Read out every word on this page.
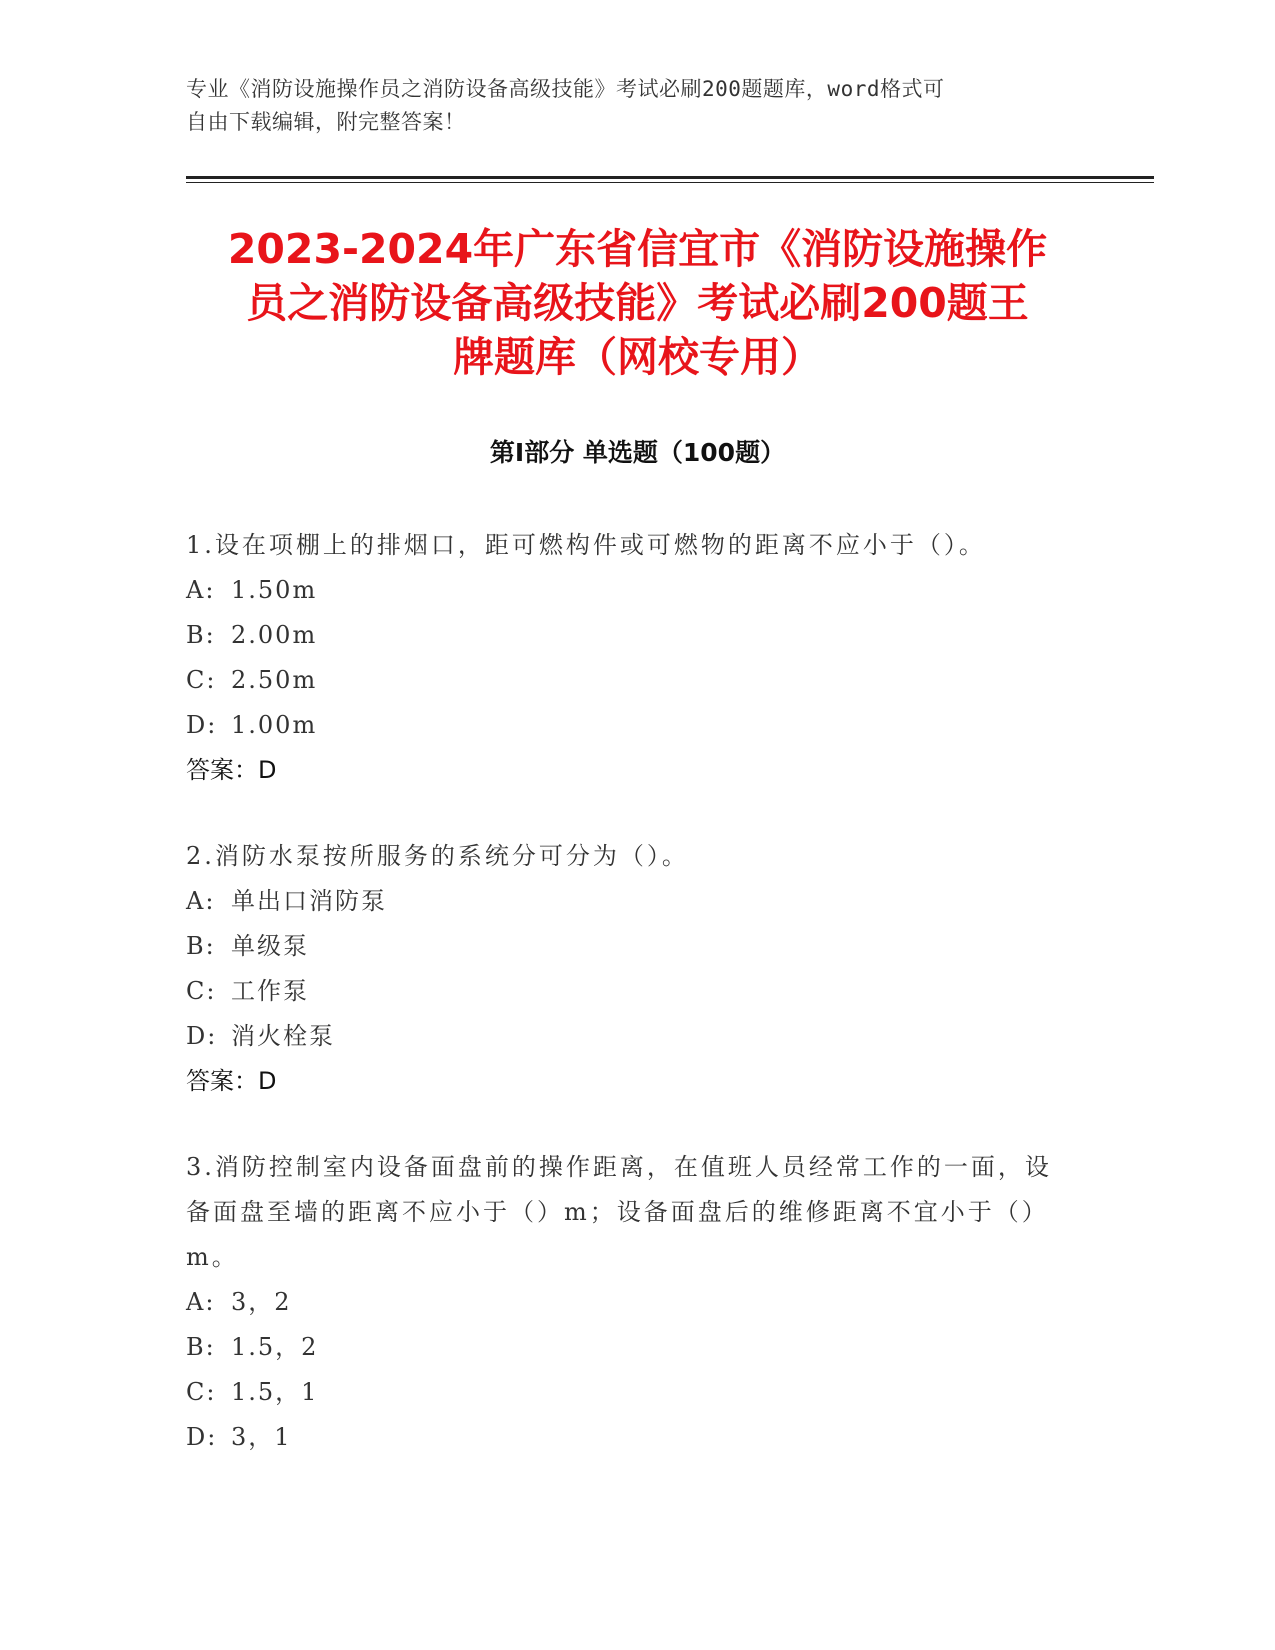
专业《消防设施操作员之消防设备高级技能》考试必刷200题题库，word格式可
自由下载编辑，附完整答案！
2023-2024年广东省信宜市《消防设施操作
员之消防设备高级技能》考试必刷200题王
牌题库（网校专用）
第I部分 单选题（100题）
1.设在项棚上的排烟口，距可燃构件或可燃物的距离不应小于（）。
A: 1.50m
B: 2.00m
C: 2.50m
D: 1.00m
答案：D
2.消防水泵按所服务的系统分可分为（）。
A: 单出口消防泵
B: 单级泵
C: 工作泵
D: 消火栓泵
答案：D
3.消防控制室内设备面盘前的操作距离，在值班人员经常工作的一面，设备面盘至墙的距离不应小于（）m；设备面盘后的维修距离不宜小于（）m。
A: 3，2
B: 1.5，2
C: 1.5，1
D: 3，1
